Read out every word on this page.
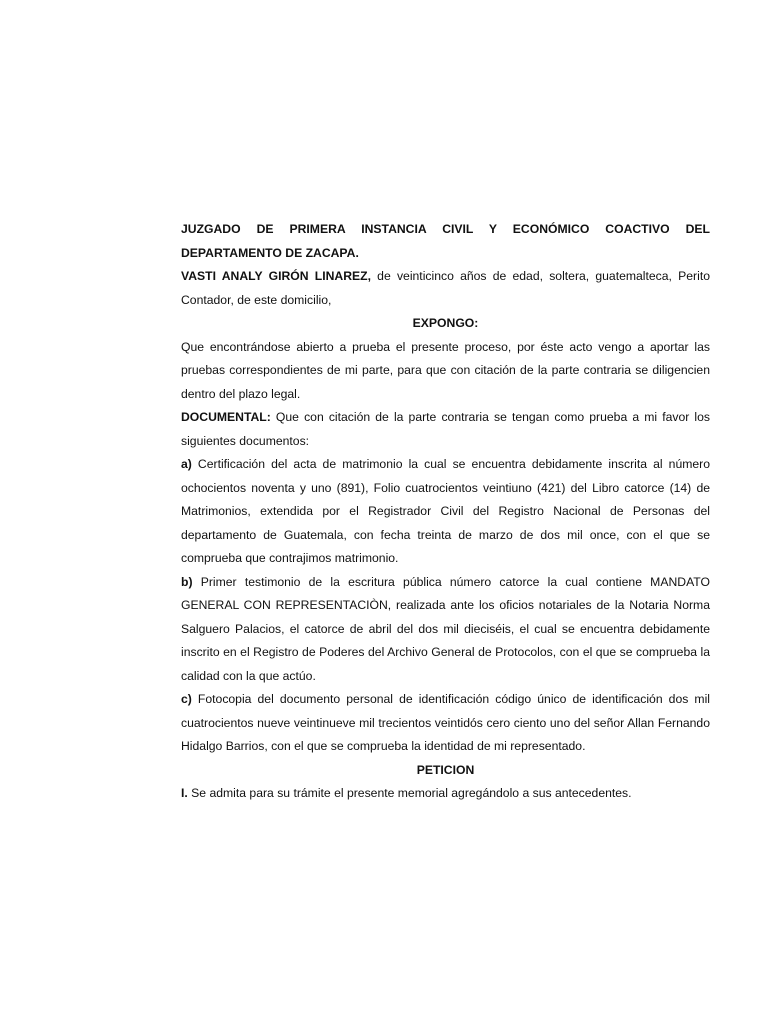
JUZGADO DE PRIMERA INSTANCIA CIVIL Y ECONÓMICO COACTIVO DEL DEPARTAMENTO DE ZACAPA.

VASTI ANALY GIRÓN LINAREZ, de veinticinco años de edad, soltera, guatemalteca, Perito Contador, de este domicilio,

EXPONGO:

Que encontrándose abierto a prueba el presente proceso, por éste acto vengo a aportar las pruebas correspondientes de mi parte, para que con citación de la parte contraria se diligencien dentro del plazo legal.

DOCUMENTAL: Que con citación de la parte contraria se tengan como prueba a mi favor los siguientes documentos:

a) Certificación del acta de matrimonio la cual se encuentra debidamente inscrita al número ochocientos noventa y uno (891), Folio cuatrocientos veintiuno (421) del Libro catorce (14) de Matrimonios, extendida por el Registrador Civil del Registro Nacional de Personas del departamento de Guatemala, con fecha treinta de marzo de dos mil once, con el que se comprueba que contrajimos matrimonio.

b) Primer testimonio de la escritura pública número catorce la cual contiene MANDATO GENERAL CON REPRESENTACIÒN, realizada ante los oficios notariales de la Notaria Norma Salguero Palacios, el catorce de abril del dos mil dieciséis, el cual se encuentra debidamente inscrito en el Registro de Poderes del Archivo General de Protocolos, con el que se comprueba la calidad con la que actúo.

c) Fotocopia del documento personal de identificación código único de identificación dos mil cuatrocientos nueve veintinueve mil trecientos veintidós cero ciento uno del señor Allan Fernando Hidalgo Barrios, con el que se comprueba la identidad de mi representado.

PETICION

I. Se admita para su trámite el presente memorial agregándolo a sus antecedentes.
